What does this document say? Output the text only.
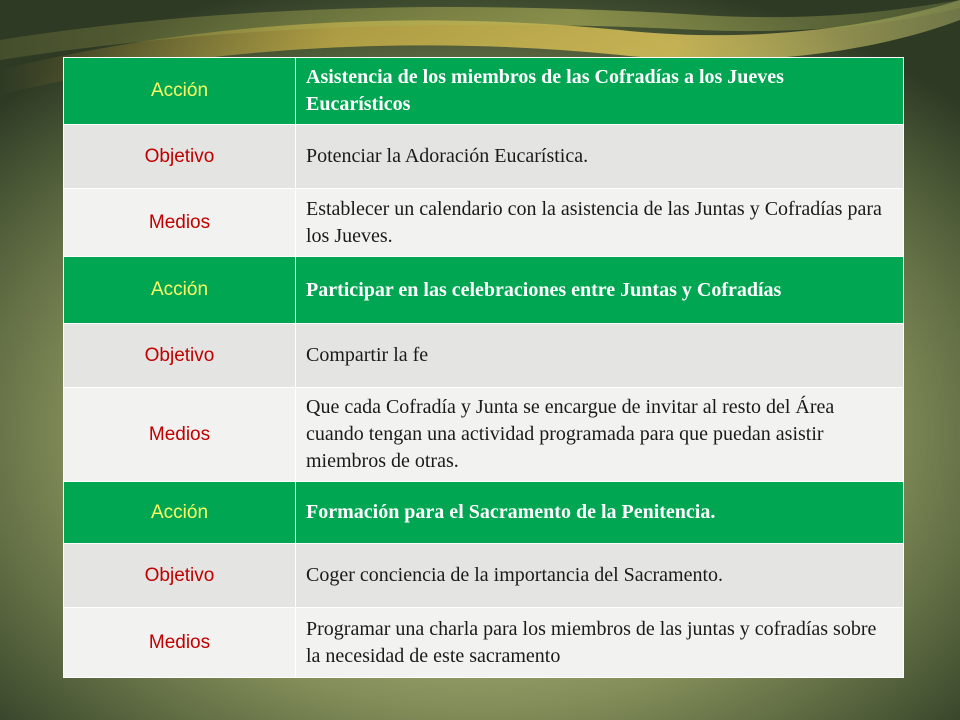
Acción	Asistencia de los miembros de las Cofradías a los Jueves Eucarísticos
Objetivo	Potenciar la Adoración Eucarística.
Medios	Establecer un calendario con la asistencia de las Juntas y Cofradías para los Jueves.
Acción	Participar en las celebraciones entre Juntas y Cofradías
Objetivo	Compartir la fe
Medios	Que cada Cofradía y Junta se encargue de invitar al resto del Área cuando tengan una actividad programada para que puedan asistir miembros de otras.
Acción	Formación para el Sacramento de la Penitencia.
Objetivo	Coger conciencia de la importancia del Sacramento.
Medios	Programar una charla para los miembros de las juntas y cofradías sobre la necesidad de este sacramento
